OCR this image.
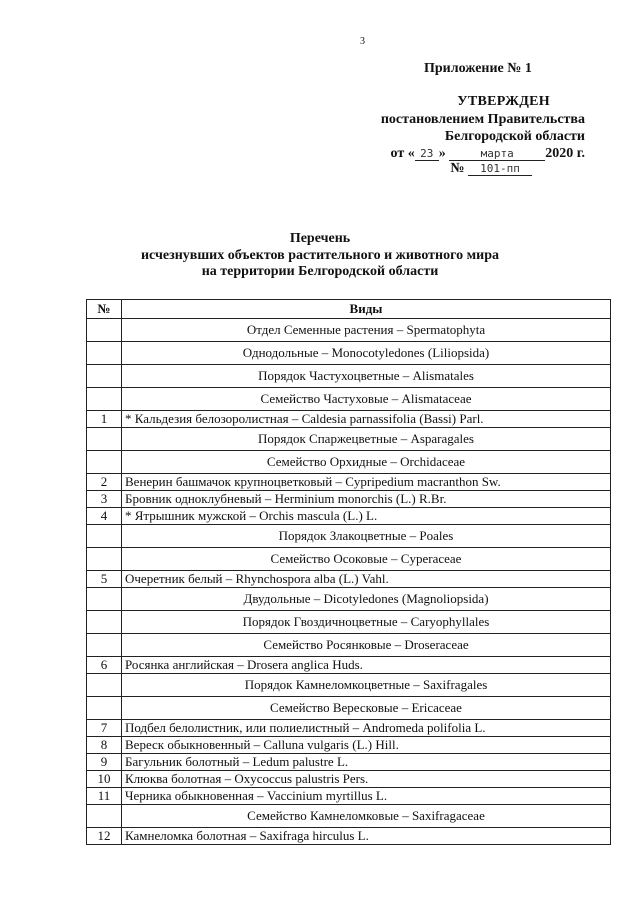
3
Приложение № 1
УТВЕРЖДЕН
постановлением Правительства
Белгородской области
от « 23 »	марта 2020 г.
№ 101-пп
Перечень
исчезнувших объектов растительного и животного мира
на территории Белгородской области
№	Виды
	Отдел Семенные растения – Spermatophyta
	Однодольные – Monocotyledones (Liliopsida)
	Порядок Частухоцветные – Alismatales
	Семейство Частуховые – Alismataceae
1	* Кальдезия белозоролистная – Caldesia parnassifolia (Bassi) Parl.
	Порядок Спаржецветные – Asparagales
	Семейство Орхидные – Orchidaceae
2	Венерин башмачок крупноцветковый – Cypripedium macranthon Sw.
3	Бровник одноклубневый – Herminium monorchis (L.) R.Br.
4	* Ятрышник мужской – Orchis mascula (L.) L.
	Порядок Злакоцветные – Poales
	Семейство Осоковые – Cyperaceae
5	Очеретник белый – Rhynchospora alba (L.) Vahl.
	Двудольные – Dicotyledones (Magnoliopsida)
	Порядок Гвоздичноцветные – Caryophyllales
	Семейство Росянковые – Droseraceae
6	Росянка английская – Drosera anglica Huds.
	Порядок Камнеломкоцветные – Saxifragales
	Семейство Вересковые – Ericaceae
7	Подбел белолистник, или полиелистный – Andromeda polifolia L.
8	Вереск обыкновенный – Calluna vulgaris (L.) Hill.
9	Багульник болотный – Ledum palustre L.
10	Клюква болотная – Oxycoccus palustris Pers.
11	Черника обыкновенная – Vaccinium myrtillus L.
	Семейство Камнеломковые – Saxifragaceae
12	Камнеломка болотная – Saxifraga hirculus L.
